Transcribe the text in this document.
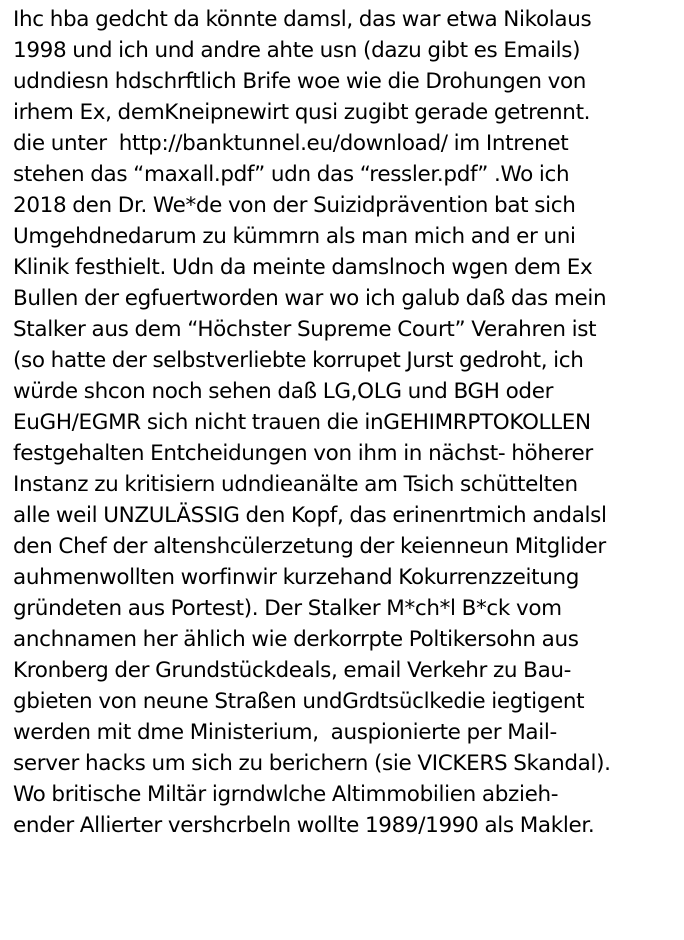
Ihc hba gedcht da könnte damsl, das war etwa Nikolaus
1998 und ich und andre ahte usn (dazu gibt es Emails)
udndiesn hdschrftlich Brife woe wie die Drohungen von
irhem Ex, demKneipnewirt qusi zugibt gerade getrennt.
die unter  http://banktunnel.eu/download/ im Intrenet
stehen das “maxall.pdf” udn das “ressler.pdf” .Wo ich
2018 den Dr. We*de von der Suizidprävention bat sich
Umgehdnedarum zu kümmrn als man mich and er uni
Klinik festhielt. Udn da meinte damslnoch wgen dem Ex
Bullen der egfuertworden war wo ich galub daß das mein
Stalker aus dem “Höchster Supreme Court” Verahren ist
(so hatte der selbstverliebte korrupet Jurst gedroht, ich
würde shcon noch sehen daß LG,OLG und BGH oder
EuGH/EGMR sich nicht trauen die inGEHIMRPTOKOLLEN
festgehalten Entcheidungen von ihm in nächst- höherer
Instanz zu kritisiern udndieanälte am Tsich schüttelten
alle weil UNZULÄSSIG den Kopf, das erinenrtmich andalsl
den Chef der altenshcülerzetung der keienneun Mitglider
auhmenwollten worfinwir kurzehand Kokurrenzzeitung
gründeten aus Portest). Der Stalker M*ch*l B*ck vom
anchnamen her ählich wie derkorrpte Poltikersohn aus
Kronberg der Grundstückdeals, email Verkehr zu Bau-
gbieten von neune Straßen undGrdtsüclkedie iegtigent
werden mit dme Ministerium,  auspionierte per Mail-
server hacks um sich zu berichern (sie VICKERS Skandal).
Wo britische Miltär igrndwlche Altimmobilien abzieh-
ender Allierter vershcrbeln wollte 1989/1990 als Makler.
